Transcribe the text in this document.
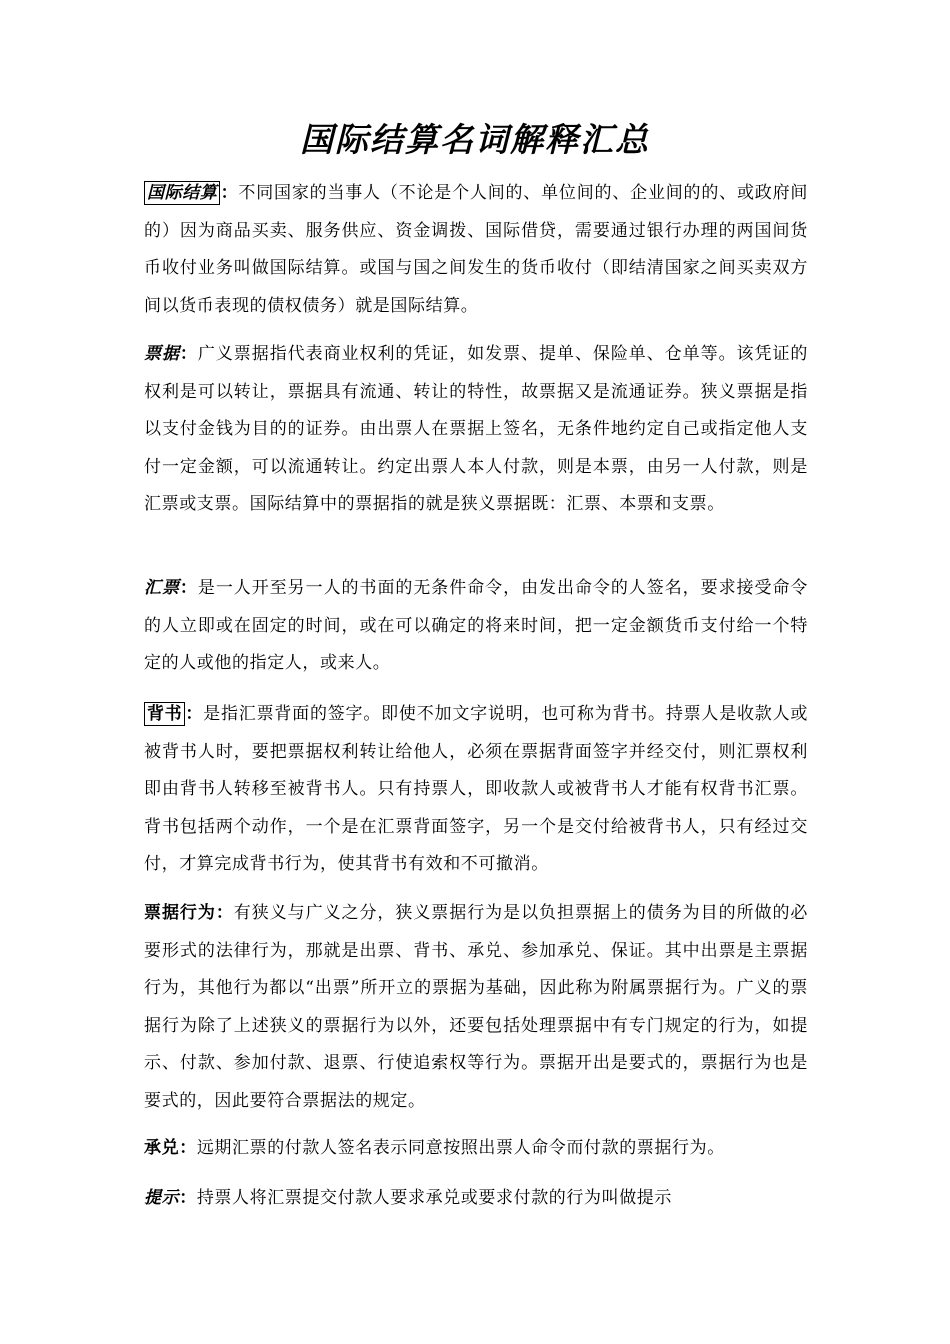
国际结算名词解释汇总
国际结算 ：不同国家的当事人（不论是个人间的、单位间的、企业间的的、或政府间的）因为商品买卖、服务供应、资金调拨、国际借贷，需要通过银行办理的两国间货币收付业务叫做国际结算。或国与国之间发生的货币收付（即结清国家之间买卖双方间以货币表现的债权债务）就是国际结算。
票据：广义票据指代表商业权利的凭证，如发票、提单、保险单、仓单等。该凭证的权利是可以转让，票据具有流通、转让的特性，故票据又是流通证券。狭义票据是指以支付金钱为目的的证券。由出票人在票据上签名，无条件地约定自己或指定他人支付一定金额，可以流通转让。约定出票人本人付款，则是本票，由另一人付款，则是汇票或支票。国际结算中的票据指的就是狭义票据既：汇票、本票和支票。
汇票：是一人开至另一人的书面的无条件命令，由发出命令的人签名，要求接受命令的人立即或在固定的时间，或在可以确定的将来时间，把一定金额货币支付给一个特定的人或他的指定人，或来人。
背书 ：是指汇票背面的签字。即使不加文字说明，也可称为背书。持票人是收款人或被背书人时，要把票据权利转让给他人，必须在票据背面签字并经交付，则汇票权利即由背书人转移至被背书人。只有持票人，即收款人或被背书人才能有权背书汇票。背书包括两个动作，一个是在汇票背面签字，另一个是交付给被背书人，只有经过交付，才算完成背书行为，使其背书有效和不可撤消。
票据行为：有狭义与广义之分，狭义票据行为是以负担票据上的债务为目的所做的必要形式的法律行为，那就是出票、背书、承兑、参加承兑、保证。其中出票是主票据行为，其他行为都以“出票”所开立的票据为基础，因此称为附属票据行为。广义的票据行为除了上述狭义的票据行为以外，还要包括处理票据中有专门规定的行为，如提示、付款、参加付款、退票、行使追索权等行为。票据开出是要式的，票据行为也是要式的，因此要符合票据法的规定。
承兑：远期汇票的付款人签名表示同意按照出票人命令而付款的票据行为。
提示：持票人将汇票提交付款人要求承兑或要求付款的行为叫做提示
